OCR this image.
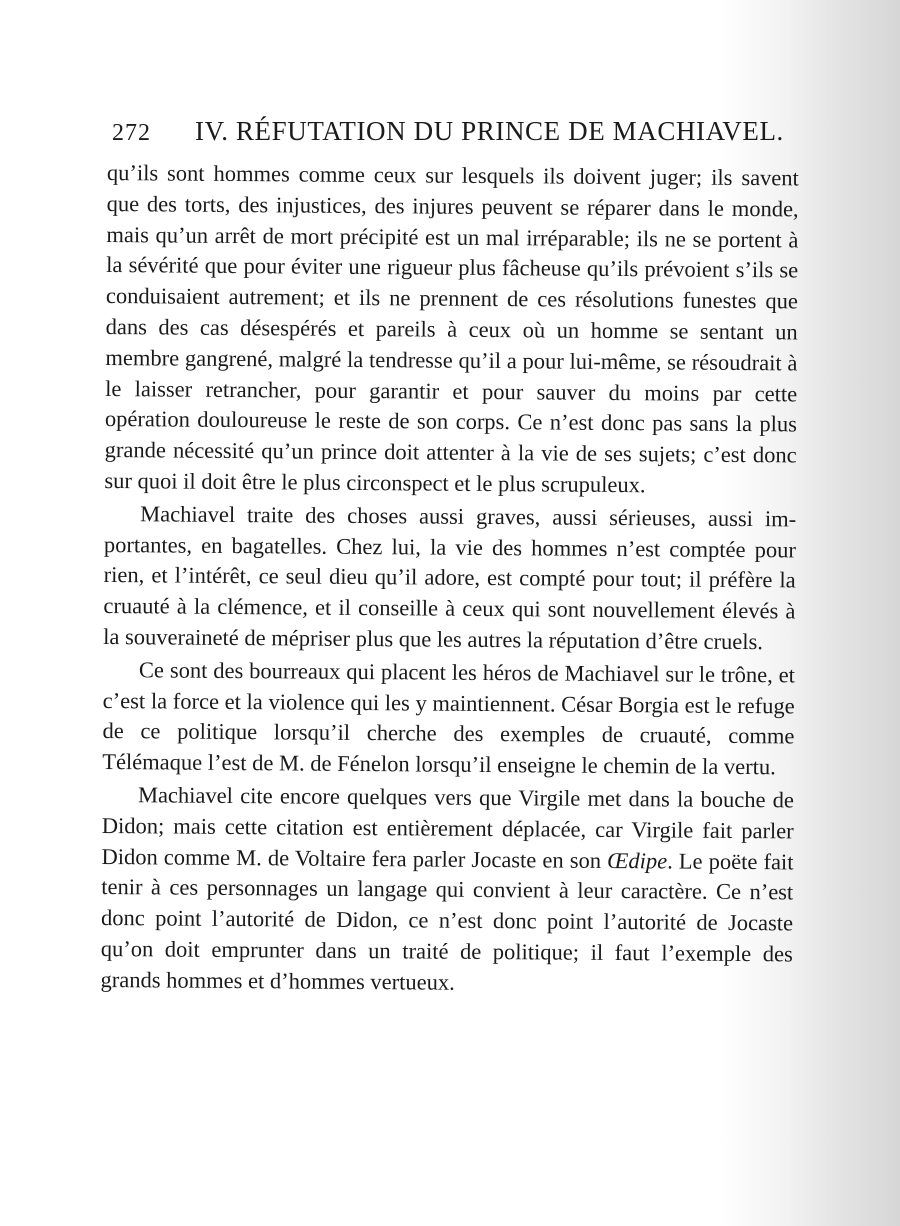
272 IV. RÉFUTATION DU PRINCE DE MACHIAVEL.

qu’ils sont hommes comme ceux sur lesquels ils doivent juger; ils savent que des torts, des injustices, des injures peuvent se réparer dans le monde, mais qu’un arrêt de mort précipité est un mal irréparable; ils ne se portent à la sévérité que pour éviter une rigueur plus fâcheuse qu’ils prévoient s’ils se conduisaient autrement; et ils ne prennent de ces résolutions funestes que dans des cas désespérés et pareils à ceux où un homme se sentant un membre gangrené, malgré la tendresse qu’il a pour lui-même, se résoudrait à le laisser retrancher, pour garantir et pour sauver du moins par cette opération douloureuse le reste de son corps. Ce n’est donc pas sans la plus grande nécessité qu’un prince doit attenter à la vie de ses sujets; c’est donc sur quoi il doit être le plus circonspect et le plus scrupuleux.

Machiavel traite des choses aussi graves, aussi sérieuses, aussi importantes, en bagatelles. Chez lui, la vie des hommes n’est comptée pour rien, et l’intérêt, ce seul dieu qu’il adore, est compté pour tout; il préfère la cruauté à la clémence, et il conseille à ceux qui sont nouvellement élevés à la souveraineté de mépriser plus que les autres la réputation d’être cruels.

Ce sont des bourreaux qui placent les héros de Machiavel sur le trône, et c’est la force et la violence qui les y maintiennent. César Borgia est le refuge de ce politique lorsqu’il cherche des exemples de cruauté, comme Télémaque l’est de M. de Fénelon lorsqu’il enseigne le chemin de la vertu.

Machiavel cite encore quelques vers que Virgile met dans la bouche de Didon; mais cette citation est entièrement déplacée, car Virgile fait parler Didon comme M. de Voltaire fera parler Jocaste en son Œdipe. Le poëte fait tenir à ces personnages un langage qui convient à leur caractère. Ce n’est donc point l’autorité de Didon, ce n’est donc point l’autorité de Jocaste qu’on doit emprunter dans un traité de politique; il faut l’exemple des grands hommes et d’hommes vertueux.
